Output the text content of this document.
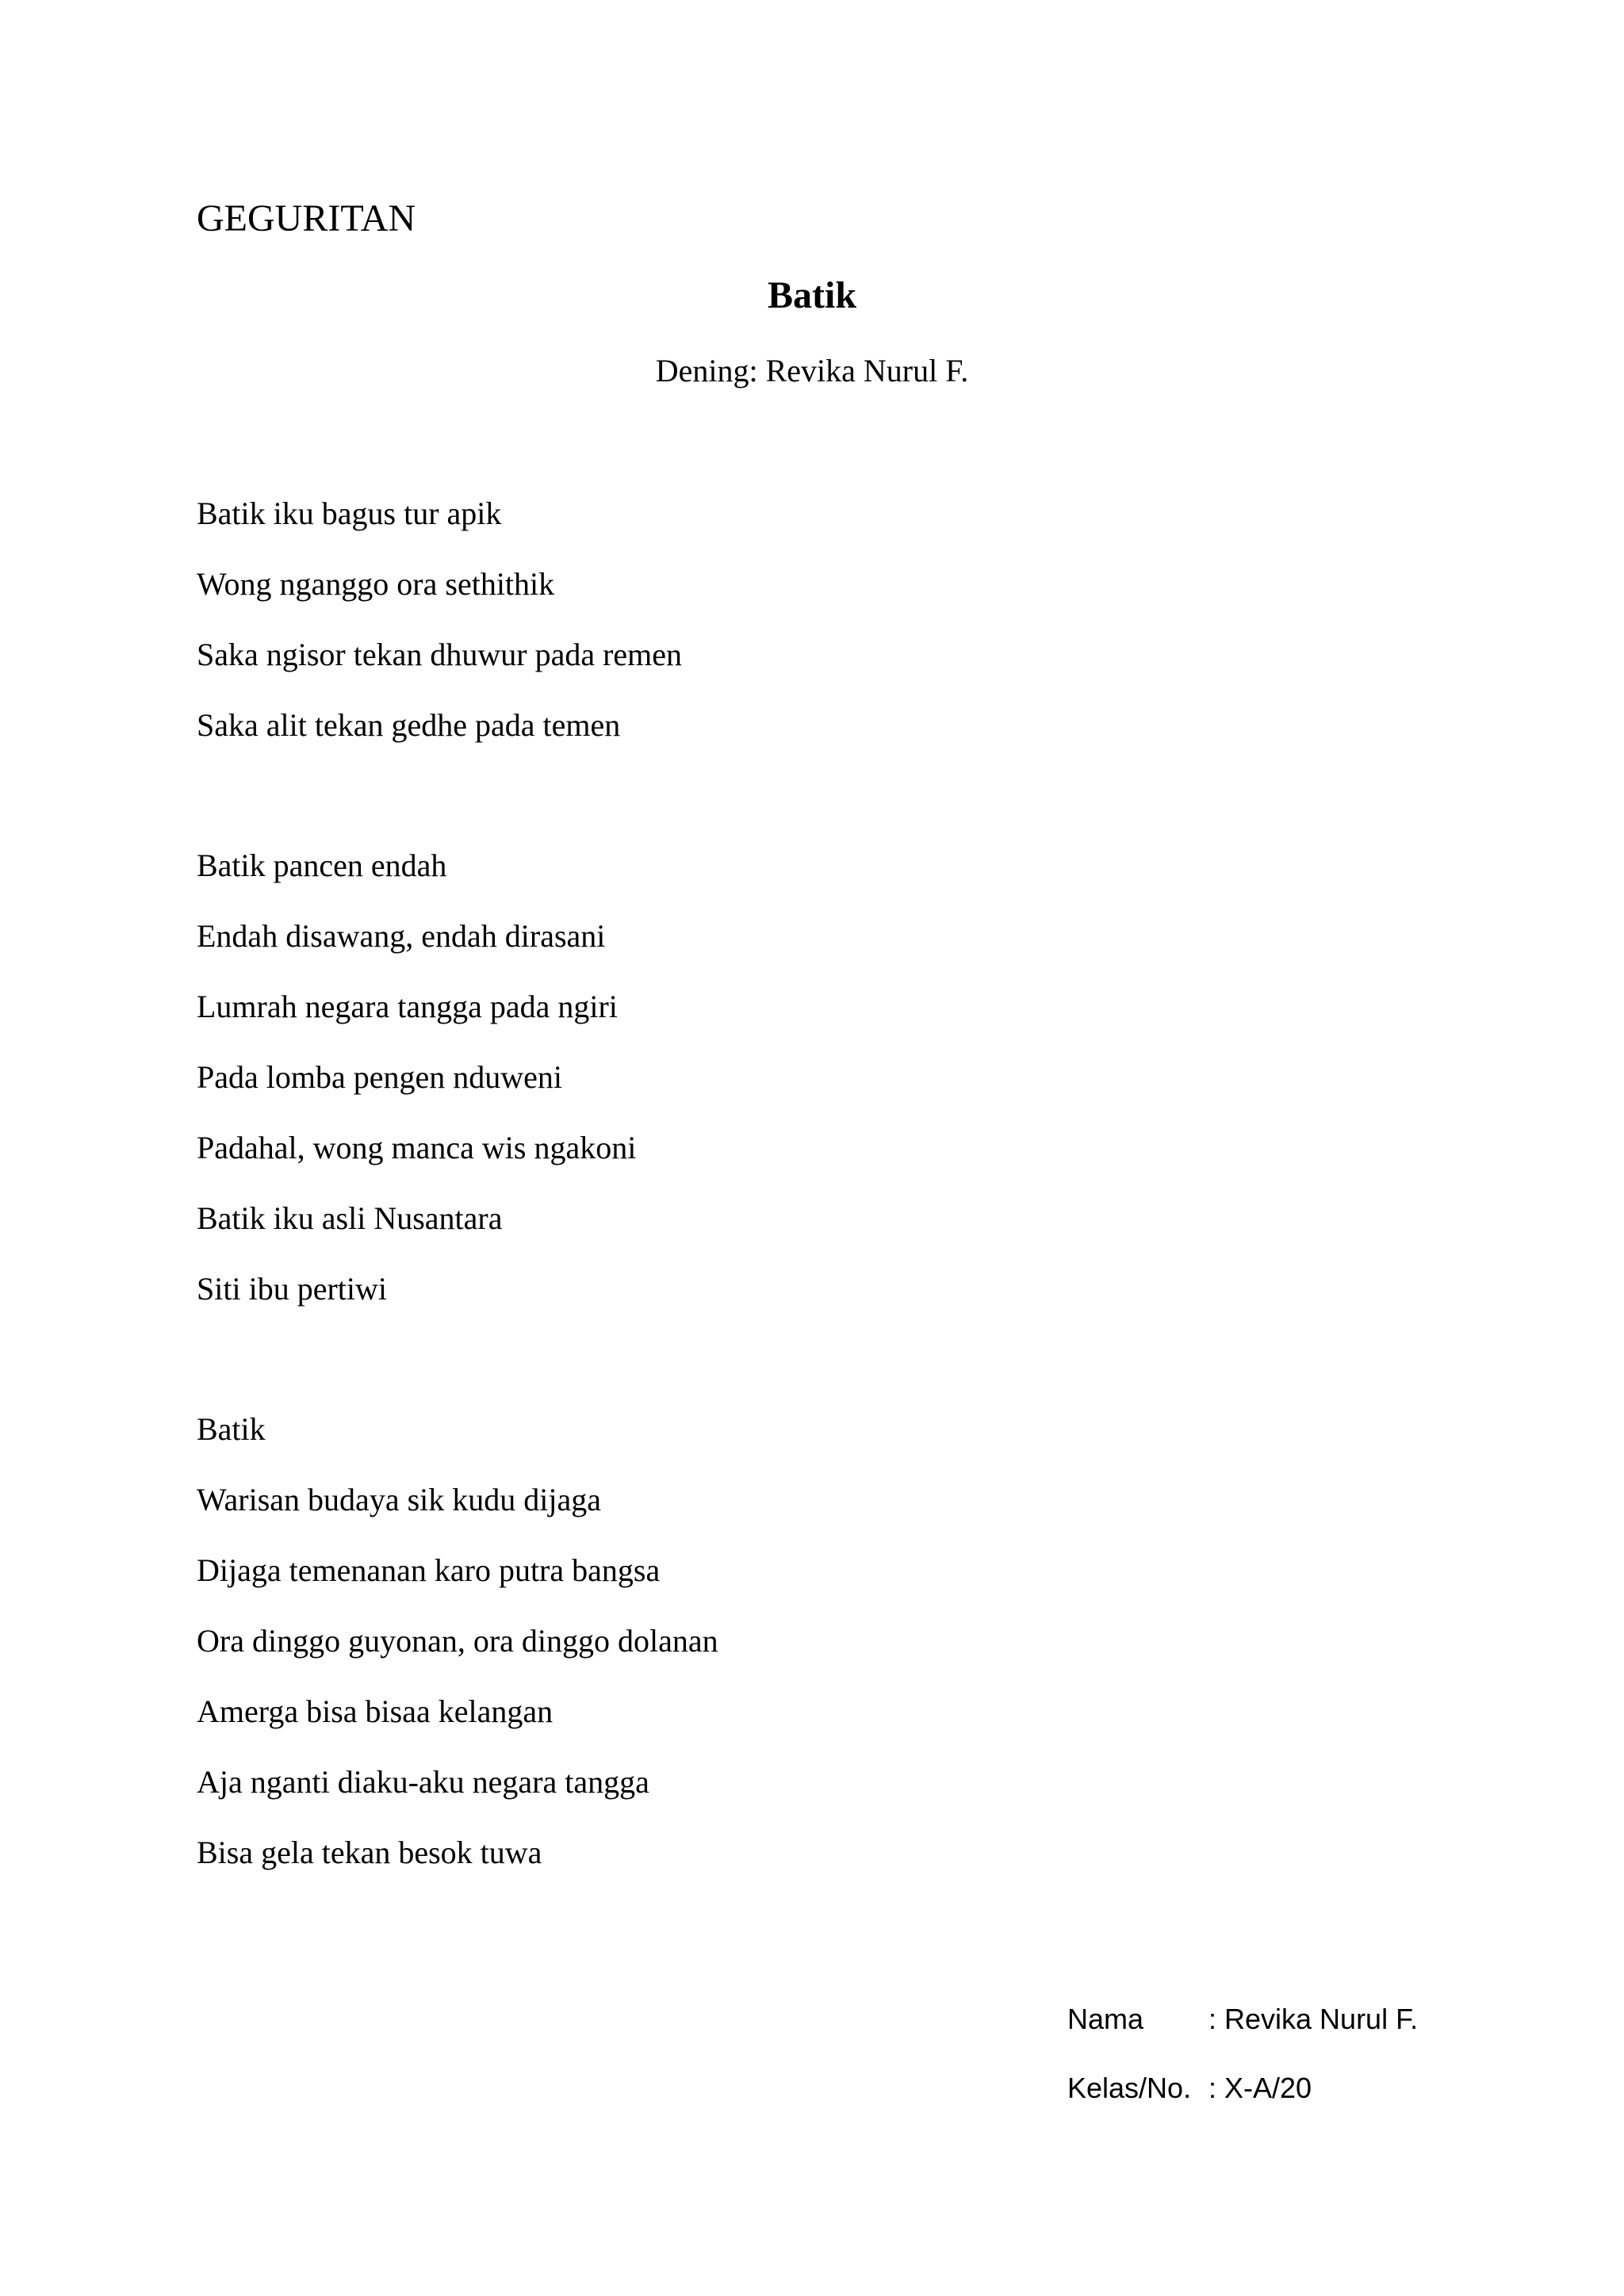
GEGURITAN
Batik
Dening: Revika Nurul F.
Batik iku bagus tur apik
Wong nganggo ora sethithik
Saka ngisor tekan dhuwur pada remen
Saka alit tekan gedhe pada temen
Batik pancen endah
Endah disawang, endah dirasani
Lumrah negara tangga pada ngiri
Pada lomba pengen nduweni
Padahal, wong manca wis ngakoni
Batik iku asli Nusantara
Siti ibu pertiwi
Batik
Warisan budaya sik kudu dijaga
Dijaga temenanan karo putra bangsa
Ora dinggo guyonan, ora dinggo dolanan
Amerga bisa bisaa kelangan
Aja nganti diaku-aku negara tangga
Bisa gela tekan besok tuwa
Nama : Revika Nurul F.
Kelas/No. : X-A/20
